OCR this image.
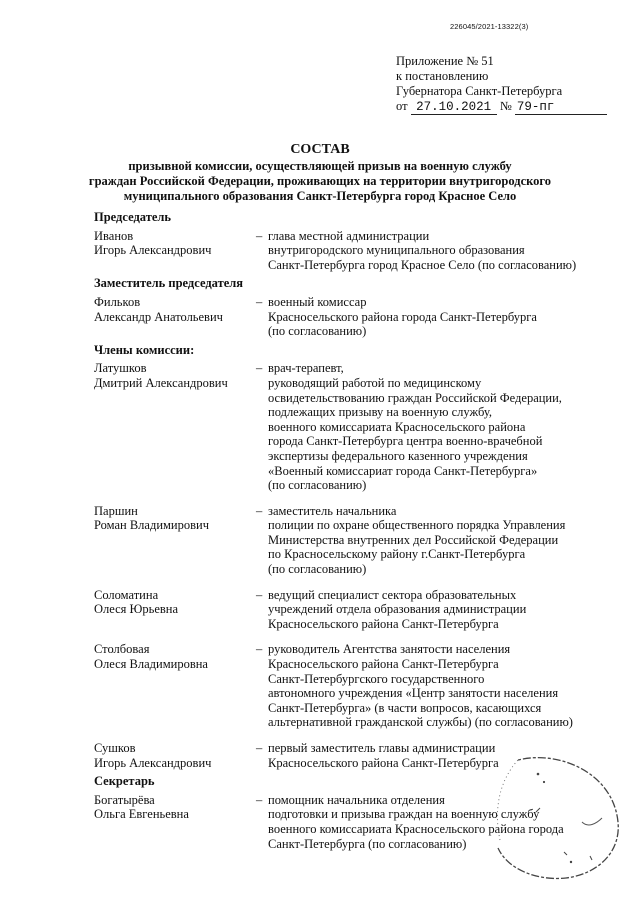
226045/2021-13322(3)
Приложение № 51
к постановлению
Губернатора Санкт-Петербурга
от 27.10.2021 № 79-пг
СОСТАВ
призывной комиссии, осуществляющей призыв на военную службу
граждан Российской Федерации, проживающих на территории внутригородского
муниципального образования Санкт-Петербурга город Красное Село
Председатель
Иванов
Игорь Александрович
– глава местной администрации
внутригородского муниципального образования
Санкт-Петербурга город Красное Село (по согласованию)
Заместитель председателя
Фильков
Александр Анатольевич
– военный комиссар
Красносельского района города Санкт-Петербурга
(по согласованию)
Члены комиссии:
Латушков
Дмитрий Александрович
– врач-терапевт,
руководящий работой по медицинскому
освидетельствованию граждан Российской Федерации,
подлежащих призыву на военную службу,
военного комиссариата Красносельского района
города Санкт-Петербурга центра военно-врачебной
экспертизы федерального казенного учреждения
«Военный комиссариат города Санкт-Петербурга»
(по согласованию)
Паршин
Роман Владимирович
– заместитель начальника
полиции по охране общественного порядка Управления
Министерства внутренних дел Российской Федерации
по Красносельскому району г.Санкт-Петербурга
(по согласованию)
Соломатина
Олеся Юрьевна
– ведущий специалист сектора образовательных
учреждений отдела образования администрации
Красносельского района Санкт-Петербурга
Столбовая
Олеся Владимировна
– руководитель Агентства занятости населения
Красносельского района Санкт-Петербурга
Санкт-Петербургского государственного
автономного учреждения «Центр занятости населения
Санкт-Петербурга» (в части вопросов, касающихся
альтернативной гражданской службы) (по согласованию)
Сушков
Игорь Александрович
– первый заместитель главы администрации
Красносельского района Санкт-Петербурга
Секретарь
Богатырёва
Ольга Евгеньевна
– помощник начальника отделения
подготовки и призыва граждан на военную службу
военного комиссариата Красносельского района города
Санкт-Петербурга (по согласованию)
